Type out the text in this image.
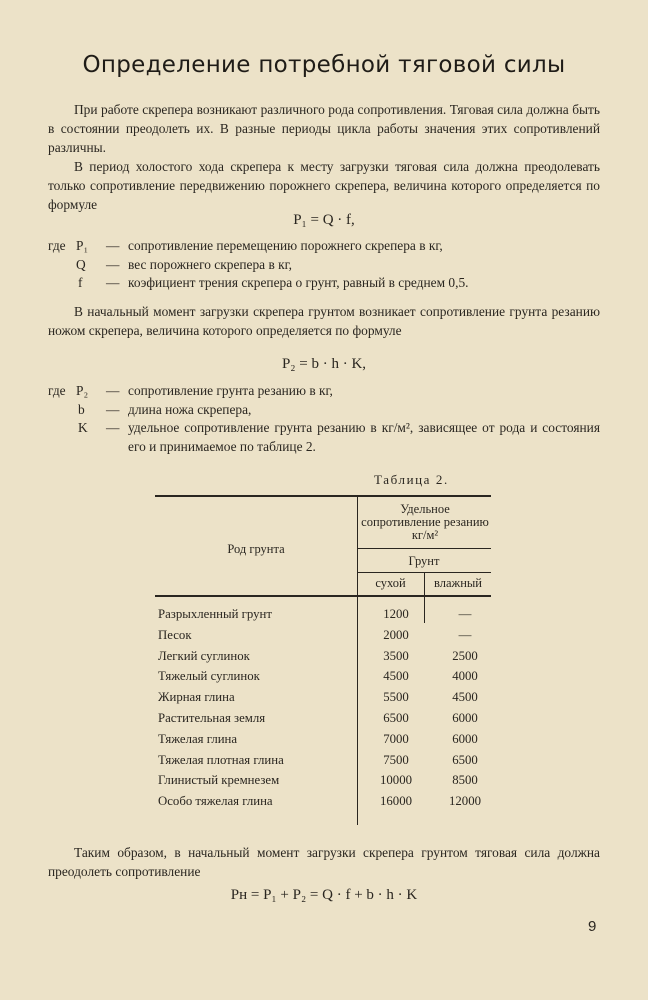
Определение потребной тяговой силы
При работе скрепера возникают различного рода сопротивления. Тяговая сила должна быть в состоянии преодолеть их. В разные периоды цикла работы значения этих сопротивлений различны.
В период холостого хода скрепера к месту загрузки тяговая сила должна преодолевать только сопротивление передвижению порожнего скрепера, величина которого определяется по формуле
P₁ = Q · f,
где P₁ — сопротивление перемещению порожнего скрепера в кг,
Q — вес порожнего скрепера в кг,
f — коэфициент трения скрепера о грунт, равный в среднем 0,5.
В начальный момент загрузки скрепера грунтом возникает сопротивление грунта резанию ножом скрепера, величина которого определяется по формуле
P₂ = b · h · K,
где P₂ — сопротивление грунта резанию в кг,
b — длина ножа скрепера,
K — удельное сопротивление грунта резанию в кг/м², зависящее от рода и состояния его и принимаемое по таблице 2.
Таблица 2.
Род грунта
Удельное сопротивление резанию кг/м²
Грунт
сухой	влажный
Разрыхленный грунт	1200	—
Песок	2000	—
Легкий суглинок	3500	2500
Тяжелый суглинок	4500	4000
Жирная глина	5500	4500
Растительная земля	6500	6000
Тяжелая глина	7000	6000
Тяжелая плотная глина	7500	6500
Глинистый кремнезем	10000	8500
Особо тяжелая глина	16000	12000
Таким образом, в начальный момент загрузки скрепера грунтом тяговая сила должна преодолеть сопротивление
Pн = P₁ + P₂ = Q · f + b · h · K
9
